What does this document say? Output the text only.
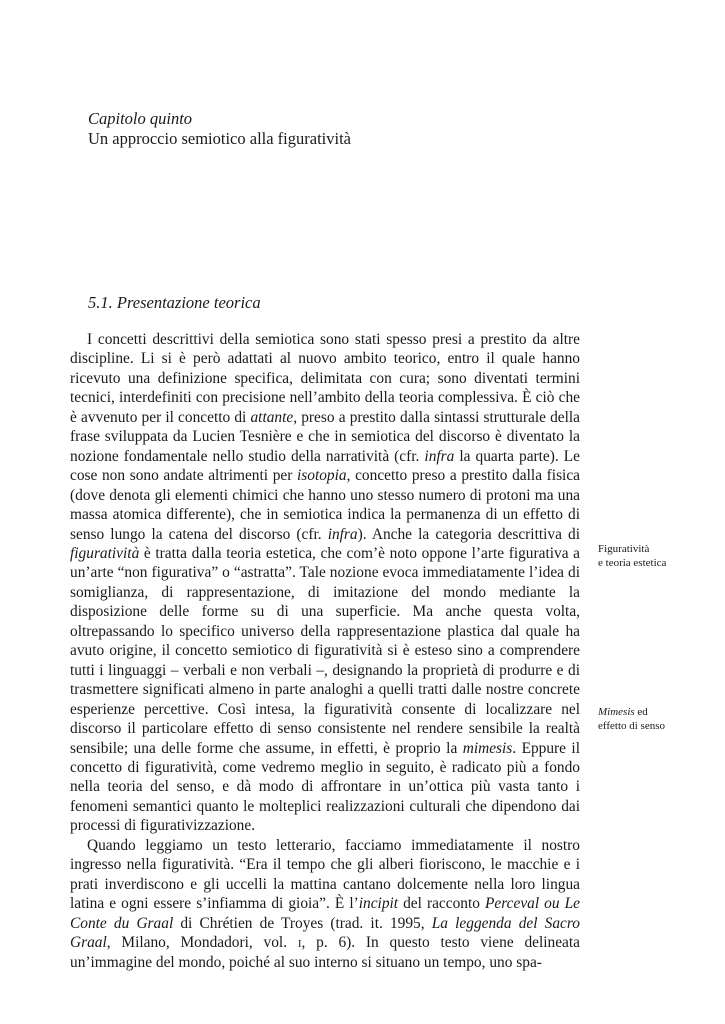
Capitolo quinto
Un approccio semiotico alla figuratività
5.1. Presentazione teorica

I concetti descrittivi della semiotica sono stati spesso presi a prestito da altre discipline. Li si è però adattati al nuovo ambito teorico, entro il quale hanno ricevuto una definizione specifica, delimitata con cura; sono diventati termini tecnici, interdefiniti con precisione nell’ambito della teoria complessiva. È ciò che è avvenuto per il concetto di attante, preso a prestito dalla sintassi strutturale della frase sviluppata da Lucien Tesnière e che in semiotica del discorso è diventato la nozione fondamentale nello studio della narratività (cfr. infra la quarta parte). Le cose non sono andate altrimenti per isotopia, concetto preso a prestito dalla fisica (dove denota gli elementi chimici che hanno uno stesso numero di protoni ma una massa atomica differente), che in semiotica indica la permanenza di un effetto di senso lungo la catena del discorso (cfr. infra). Anche la categoria descrittiva di figuratività è tratta dalla teoria estetica, che com’è noto oppone l’arte figurativa a un’arte “non figurativa” o “astratta”. Tale nozione evoca immediatamente l’idea di somiglianza, di rappresentazione, di imitazione del mondo mediante la disposizione delle forme su di una superficie. Ma anche questa volta, oltrepassando lo specifico universo della rappresentazione plastica dal quale ha avuto origine, il concetto semiotico di figuratività si è esteso sino a comprendere tutti i linguaggi – verbali e non verbali –, designando la proprietà di produrre e di trasmettere significati almeno in parte analoghi a quelli tratti dalle nostre concrete esperienze percettive. Così intesa, la figuratività consente di localizzare nel discorso il particolare effetto di senso consistente nel rendere sensibile la realtà sensibile; una delle forme che assume, in effetti, è proprio la mimesis. Eppure il concetto di figuratività, come vedremo meglio in seguito, è radicato più a fondo nella teoria del senso, e dà modo di affrontare in un’ottica più vasta tanto i fenomeni semantici quanto le molteplici realizzazioni culturali che dipendono dai processi di figurativizzazione.

Quando leggiamo un testo letterario, facciamo immediatamente il nostro ingresso nella figuratività. “Era il tempo che gli alberi fioriscono, le macchie e i prati inverdiscono e gli uccelli la mattina cantano dolcemente nella loro lingua latina e ogni essere s’infiamma di gioia”. È l’incipit del racconto Perceval ou Le Conte du Graal di Chrétien de Troyes (trad. it. 1995, La leggenda del Sacro Graal, Milano, Mondadori, vol. i, p. 6). In questo testo viene delineata un’immagine del mondo, poiché al suo interno si situano un tempo, uno spa-

Figuratività
e teoria estetica
Mimesis ed
effetto di senso
